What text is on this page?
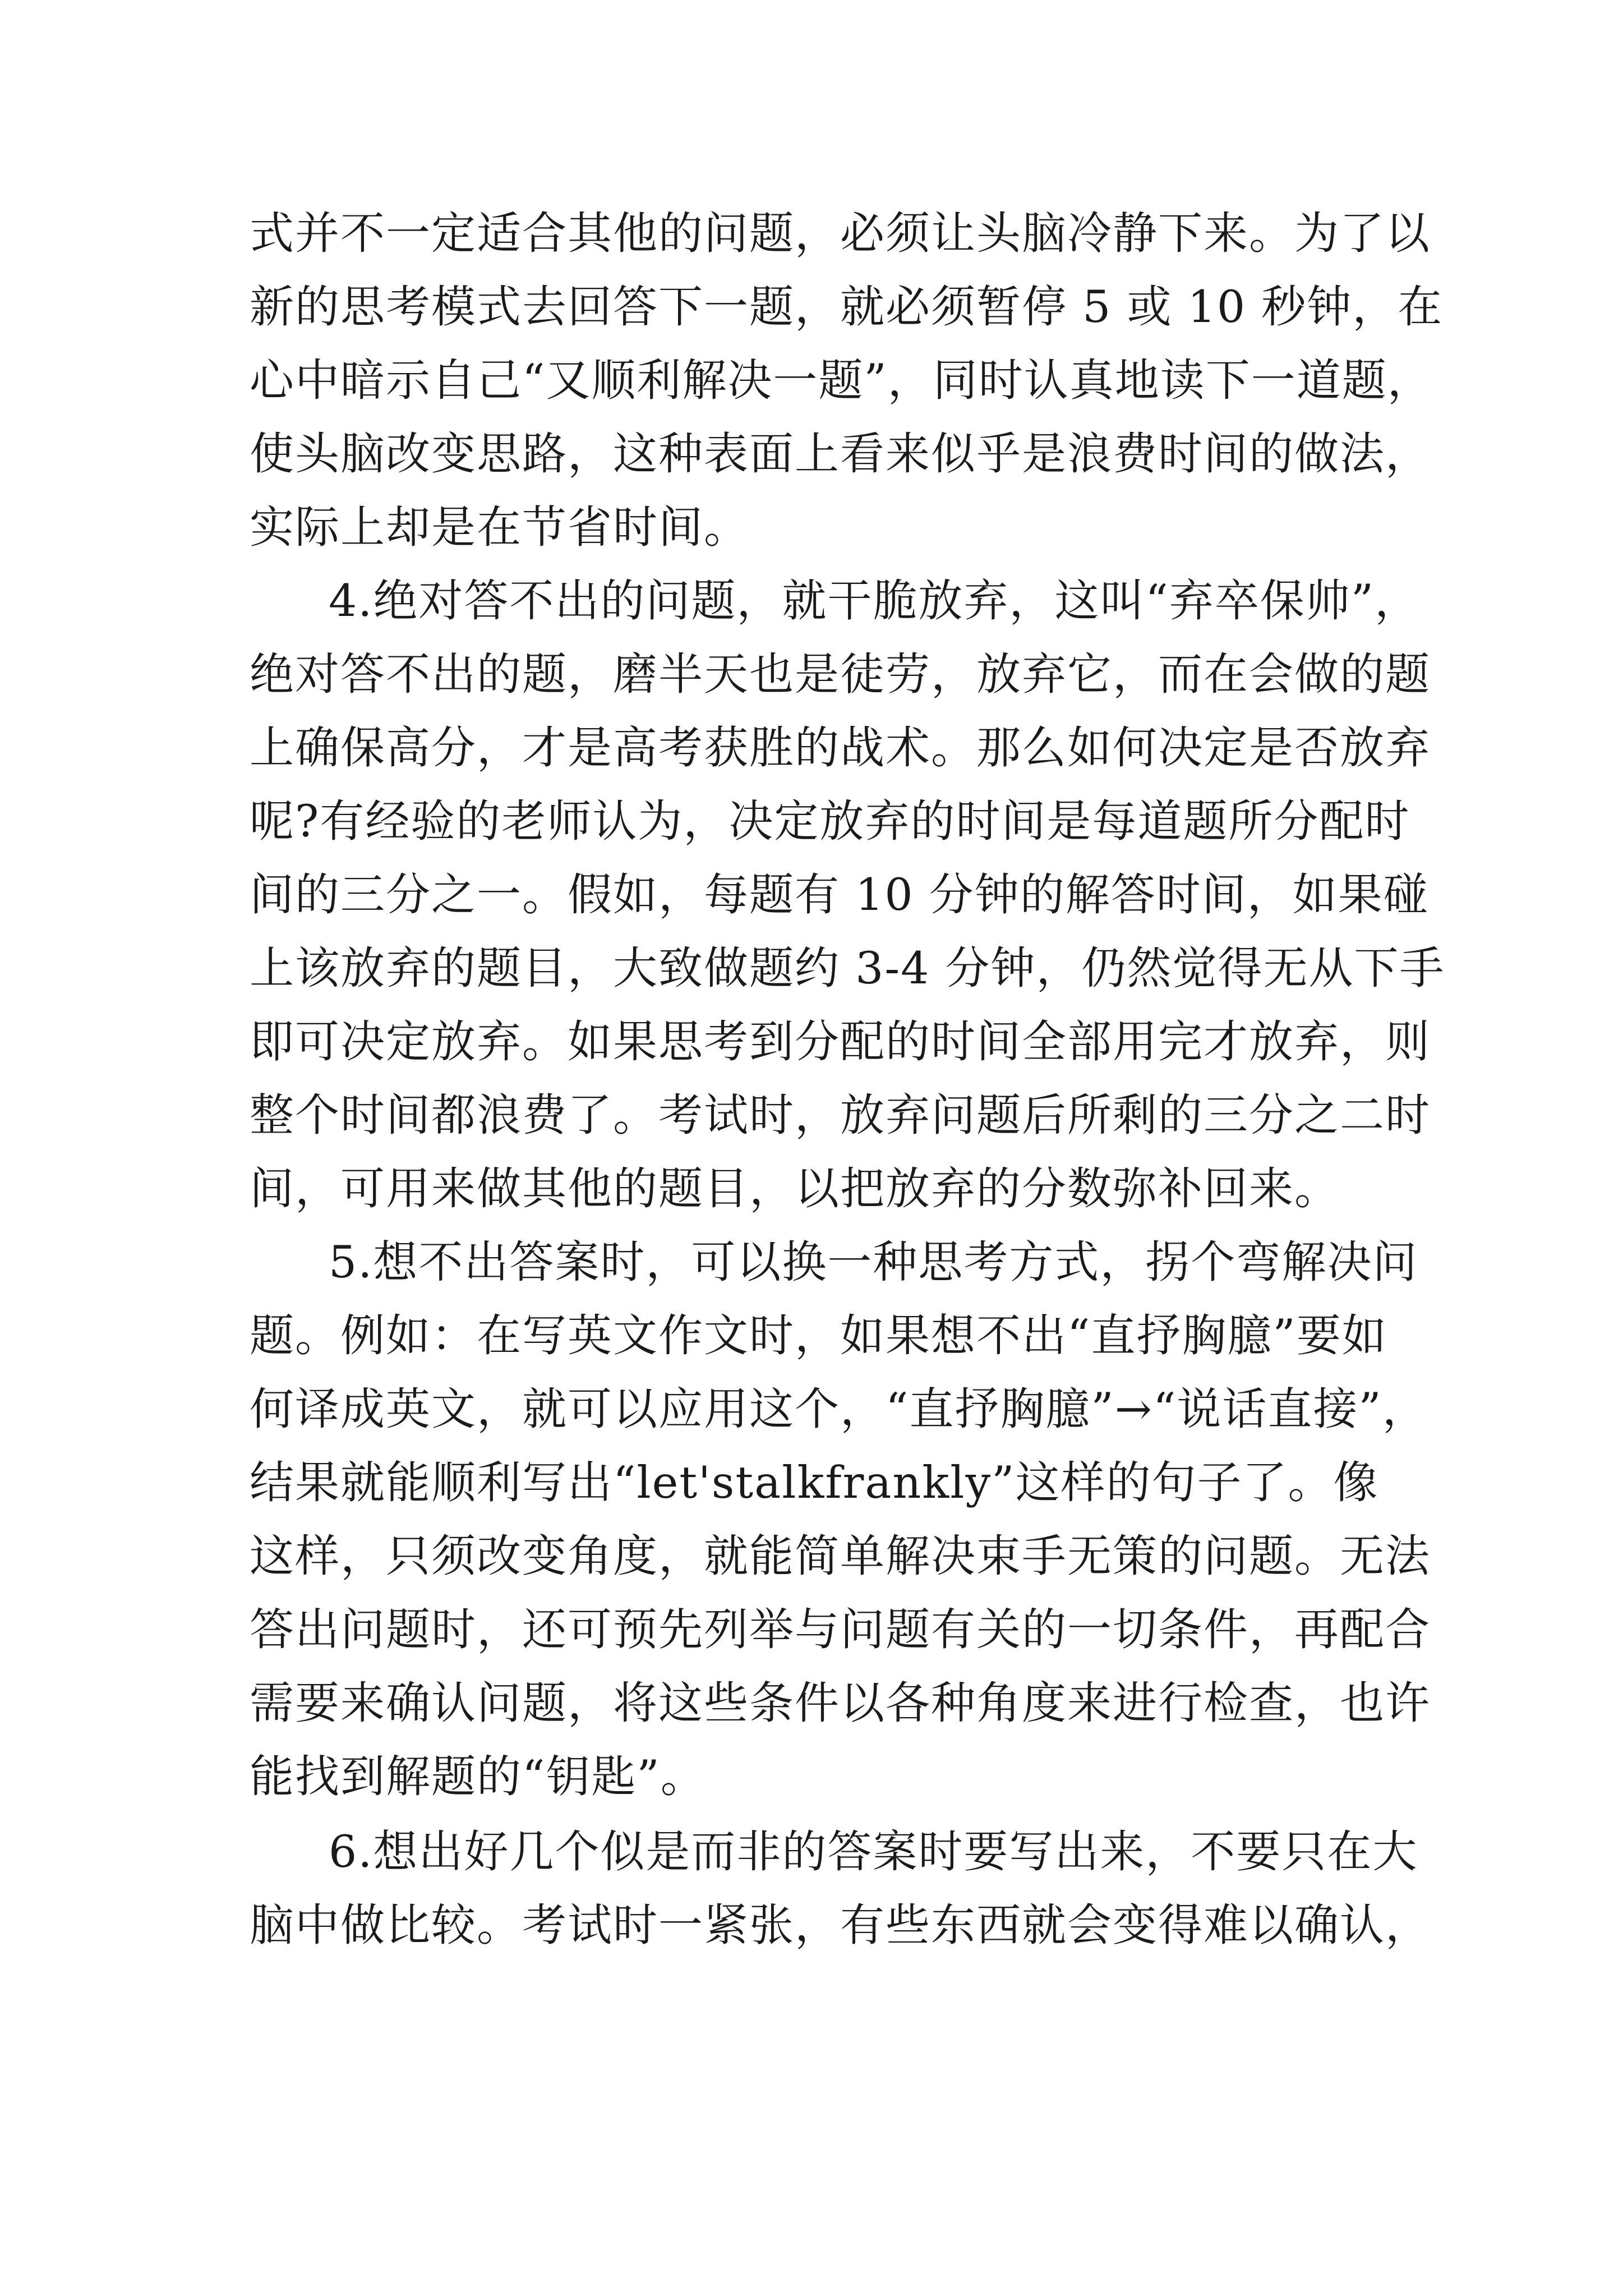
式并不一定适合其他的问题，必须让头脑冷静下来。为了以
新的思考模式去回答下一题，就必须暂停 5 或 10 秒钟，在
心中暗示自己“又顺利解决一题”，同时认真地读下一道题，
使头脑改变思路，这种表面上看来似乎是浪费时间的做法，
实际上却是在节省时间。
4.绝对答不出的问题，就干脆放弃，这叫“弃卒保帅”，
绝对答不出的题，磨半天也是徒劳，放弃它，而在会做的题
上确保高分，才是高考获胜的战术。那么如何决定是否放弃
呢?有经验的老师认为，决定放弃的时间是每道题所分配时
间的三分之一。假如，每题有 10 分钟的解答时间，如果碰
上该放弃的题目，大致做题约 3-4 分钟，仍然觉得无从下手
即可决定放弃。如果思考到分配的时间全部用完才放弃，则
整个时间都浪费了。考试时，放弃问题后所剩的三分之二时
间，可用来做其他的题目，以把放弃的分数弥补回来。
5.想不出答案时，可以换一种思考方式，拐个弯解决问
题。例如：在写英文作文时，如果想不出“直抒胸臆”要如
何译成英文，就可以应用这个，“直抒胸臆”→“说话直接”，
结果就能顺利写出“let'stalkfrankly”这样的句子了。像
这样，只须改变角度，就能简单解决束手无策的问题。无法
答出问题时，还可预先列举与问题有关的一切条件，再配合
需要来确认问题，将这些条件以各种角度来进行检查，也许
能找到解题的“钥匙”。
6.想出好几个似是而非的答案时要写出来，不要只在大
脑中做比较。考试时一紧张，有些东西就会变得难以确认，
